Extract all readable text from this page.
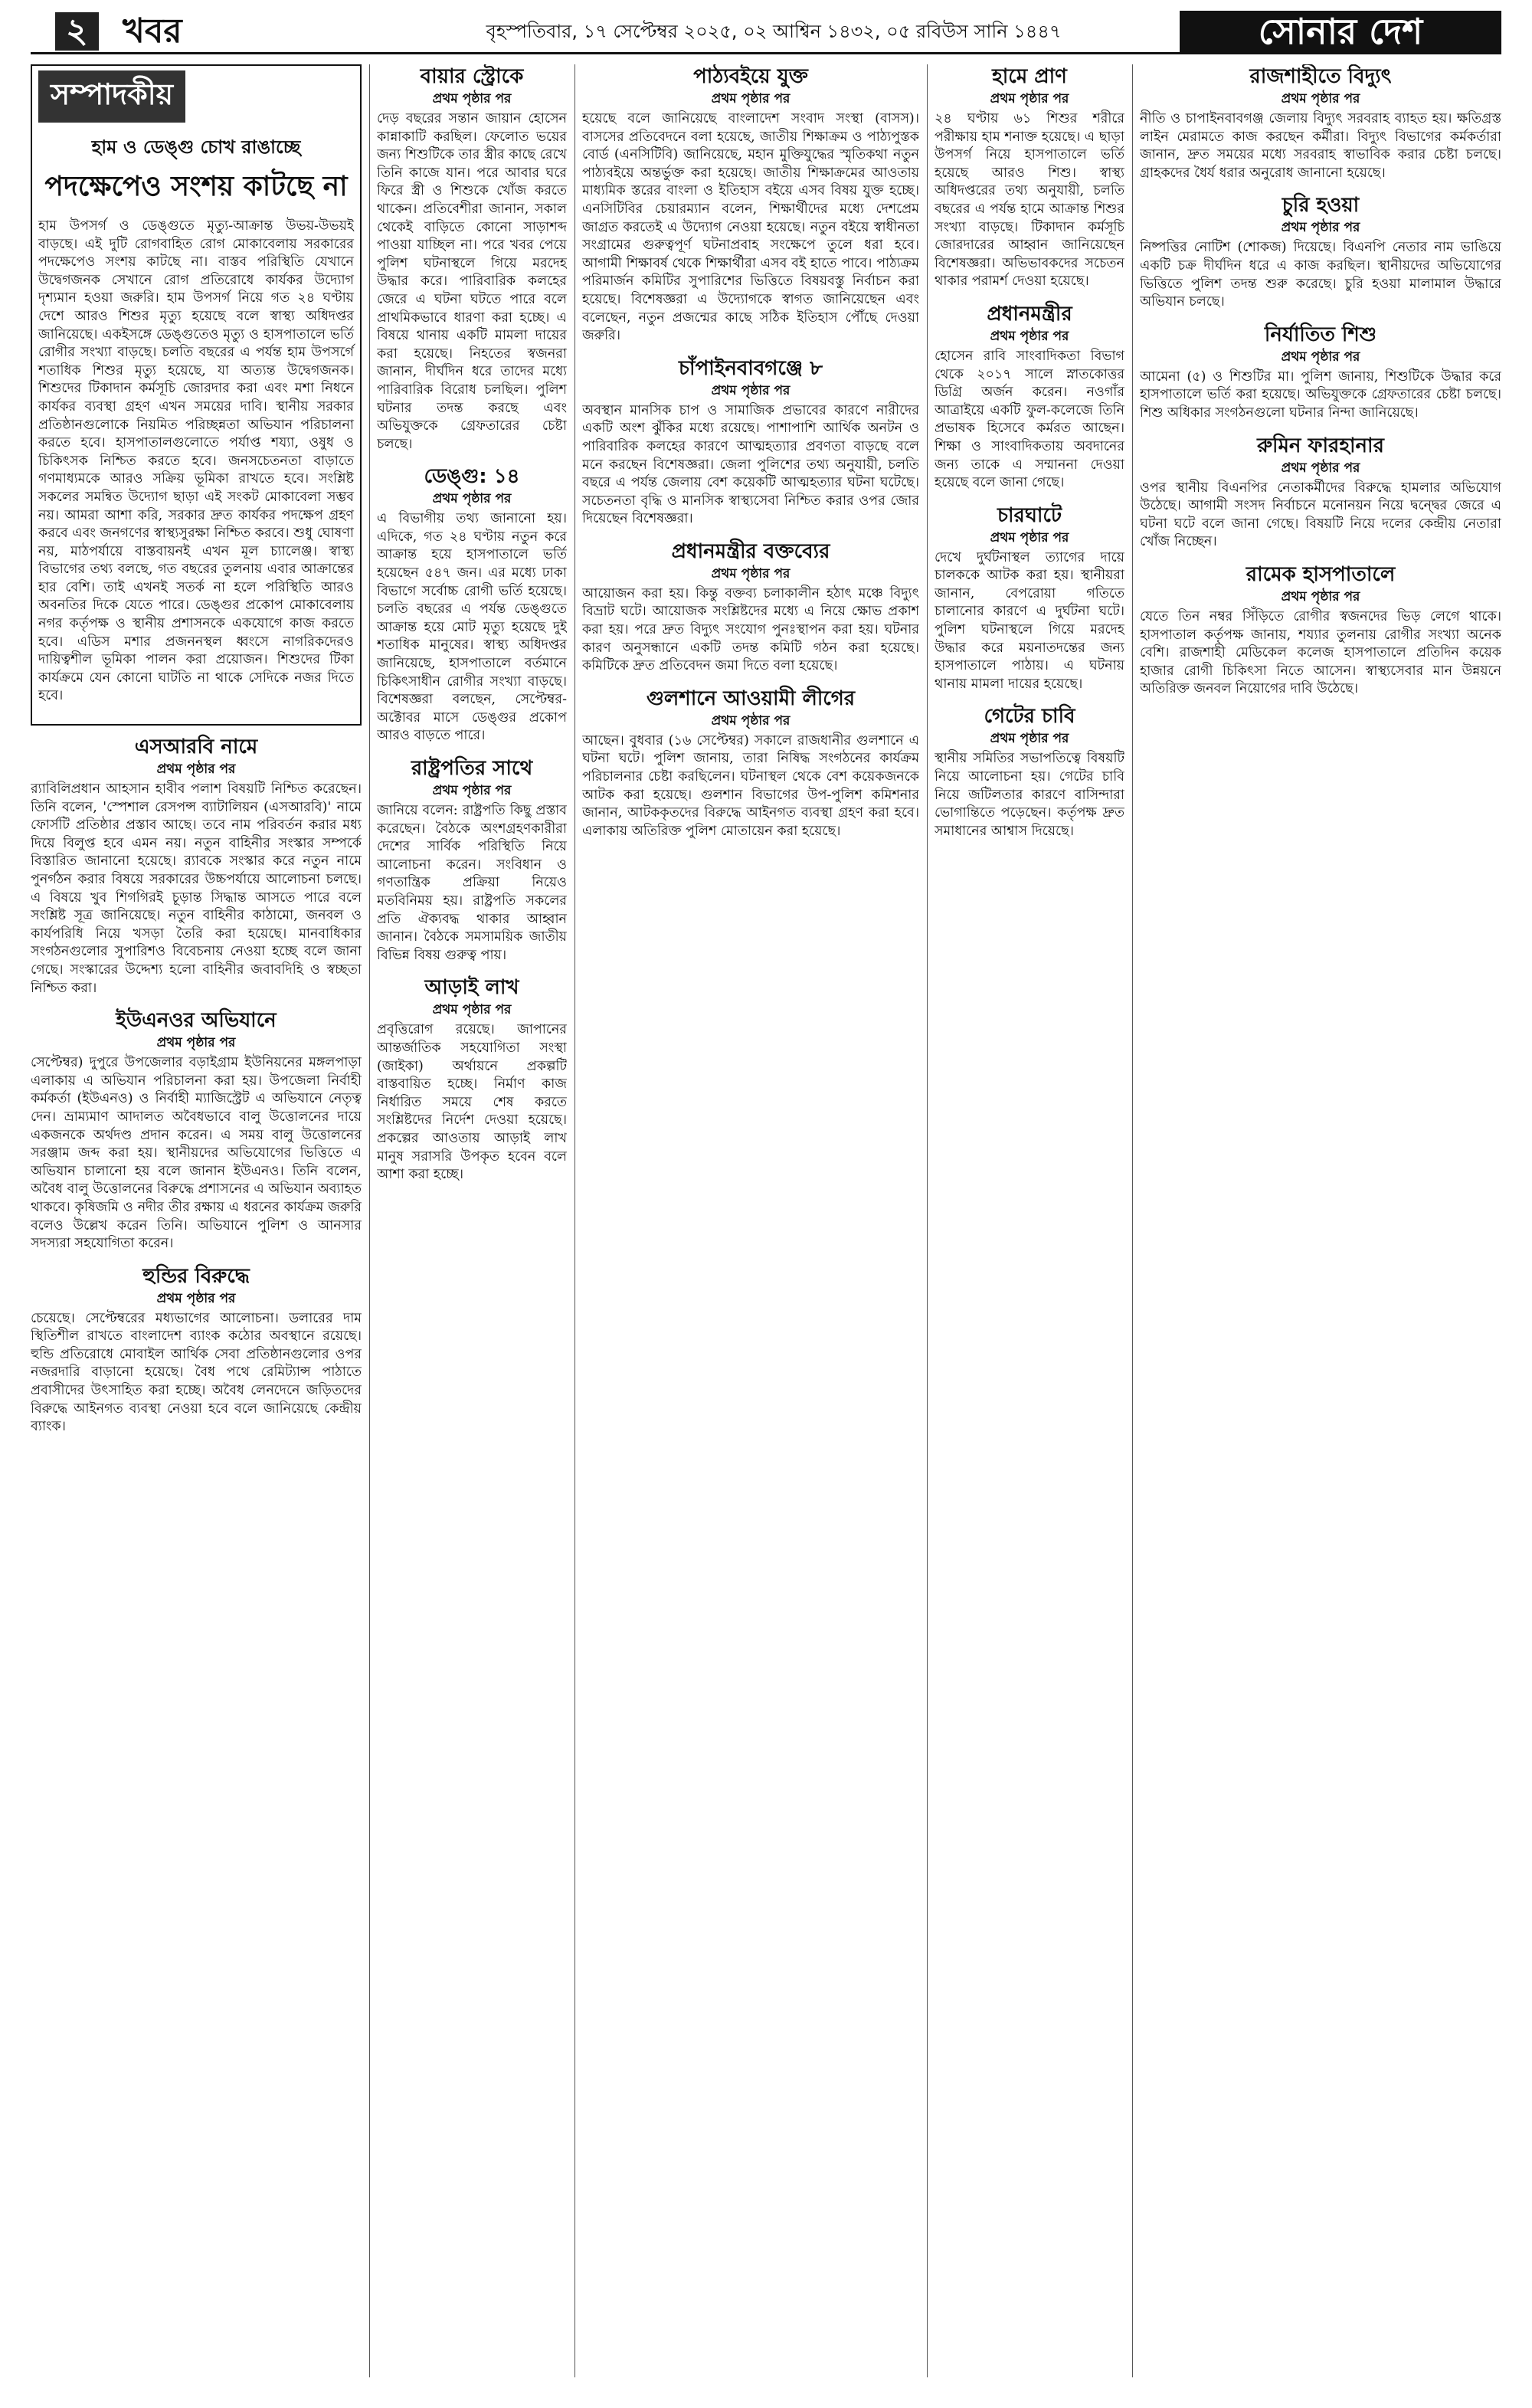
২	খবর	বৃহস্পতিবার, ১৭ সেপ্টেম্বর ২০২৫, ০২ আশ্বিন ১৪৩২, ০৫ রবিউস সানি ১৪৪৭	সোনার দেশ
সম্পাদকীয়
হাম ও ডেঙ্গু চোখ রাঙাচ্ছে
পদক্ষেপেও সংশয় কাটছে না

হাম উপসর্গ ও ডেঙ্গুতে মৃত্যু-আক্রান্ত উভয়-উভয়ই বাড়ছে। এই দুটি রোগবাহিত রোগ মোকাবেলায় সরকারের পদক্ষেপেও সংশয় কাটছে না। বাস্তব পরিস্থিতি যেখানে উদ্বেগজনক সেখানে রোগ প্রতিরোধে কার্যকর উদ্যোগ দৃশ্যমান হওয়া জরুরি। হাম উপসর্গ নিয়ে গত ২৪ ঘণ্টায় দেশে আরও শিশুর মৃত্যু হয়েছে বলে স্বাস্থ্য অধিদপ্তর জানিয়েছে। একইসঙ্গে ডেঙ্গুতেও মৃত্যু ও হাসপাতালে ভর্তি রোগীর সংখ্যা বাড়ছে। চলতি বছরের এ পর্যন্ত হাম উপসর্গে শতাধিক শিশুর মৃত্যু হয়েছে, যা অত্যন্ত উদ্বেগজনক। শিশুদের টিকাদান কর্মসূচি জোরদার করা এবং মশা নিধনে কার্যকর ব্যবস্থা গ্রহণ এখন সময়ের দাবি। স্থানীয় সরকার প্রতিষ্ঠানগুলোকে নিয়মিত পরিচ্ছন্নতা অভিযান পরিচালনা করতে হবে। হাসপাতালগুলোতে পর্যাপ্ত শয্যা, ওষুধ ও চিকিৎসক নিশ্চিত করতে হবে। জনসচেতনতা বাড়াতে গণমাধ্যমকে আরও সক্রিয় ভূমিকা রাখতে হবে। সংশ্লিষ্ট সকলের সমন্বিত উদ্যোগ ছাড়া এই সংকট মোকাবেলা সম্ভব নয়। আমরা আশা করি, সরকার দ্রুত কার্যকর পদক্ষেপ গ্রহণ করবে এবং জনগণের স্বাস্থ্যসুরক্ষা নিশ্চিত করবে। শুধু ঘোষণা নয়, মাঠপর্যায়ে বাস্তবায়নই এখন মূল চ্যালেঞ্জ। স্বাস্থ্য বিভাগের তথ্য বলছে, গত বছরের তুলনায় এবার আক্রান্তের হার বেশি। তাই এখনই সতর্ক না হলে পরিস্থিতি আরও অবনতির দিকে যেতে পারে। ডেঙ্গুর প্রকোপ মোকাবেলায় নগর কর্তৃপক্ষ ও স্থানীয় প্রশাসনকে একযোগে কাজ করতে হবে। এডিস মশার প্রজননস্থল ধ্বংসে নাগরিকদেরও দায়িত্বশীল ভূমিকা পালন করা প্রয়োজন। শিশুদের টিকা কার্যক্রমে যেন কোনো ঘাটতি না থাকে সেদিকে নজর দিতে হবে।

এসআরবি নামে
প্রথম পৃষ্ঠার পর

র‍্যাবিলিপ্রধান আহসান হাবীব পলাশ বিষয়টি নিশ্চিত করেছেন। তিনি বলেন, 'স্পেশাল রেসপন্স ব্যাটালিয়ন (এসআরবি)' নামে ফোর্সটি প্রতিষ্ঠার প্রস্তাব আছে। তবে নাম পরিবর্তন করার মধ্য দিয়ে বিলুপ্ত হবে এমন নয়। নতুন বাহিনীর সংস্কার সম্পর্কে বিস্তারিত জানানো হয়েছে। র‍্যাবকে সংস্কার করে নতুন নামে পুনর্গঠন করার বিষয়ে সরকারের উচ্চপর্যায়ে আলোচনা চলছে। এ বিষয়ে খুব শিগগিরই চূড়ান্ত সিদ্ধান্ত আসতে পারে বলে সংশ্লিষ্ট সূত্র জানিয়েছে। নতুন বাহিনীর কাঠামো, জনবল ও কার্যপরিধি নিয়ে খসড়া তৈরি করা হয়েছে। মানবাধিকার সংগঠনগুলোর সুপারিশও বিবেচনায় নেওয়া হচ্ছে বলে জানা গেছে। সংস্কারের উদ্দেশ্য হলো বাহিনীর জবাবদিহি ও স্বচ্ছতা নিশ্চিত করা।

ইউএনওর অভিযানে
প্রথম পৃষ্ঠার পর

সেপ্টেম্বর) দুপুরে উপজেলার বড়াইগ্রাম ইউনিয়নের মঙ্গলপাড়া এলাকায় এ অভিযান পরিচালনা করা হয়। উপজেলা নির্বাহী কর্মকর্তা (ইউএনও) ও নির্বাহী ম্যাজিস্ট্রেট এ অভিযানে নেতৃত্ব দেন। ভ্রাম্যমাণ আদালত অবৈধভাবে বালু উত্তোলনের দায়ে একজনকে অর্থদণ্ড প্রদান করেন। এ সময় বালু উত্তোলনের সরঞ্জাম জব্দ করা হয়। স্থানীয়দের অভিযোগের ভিত্তিতে এ অভিযান চালানো হয় বলে জানান ইউএনও। তিনি বলেন, অবৈধ বালু উত্তোলনের বিরুদ্ধে প্রশাসনের এ অভিযান অব্যাহত থাকবে। কৃষিজমি ও নদীর তীর রক্ষায় এ ধরনের কার্যক্রম জরুরি বলেও উল্লেখ করেন তিনি। অভিযানে পুলিশ ও আনসার সদস্যরা সহযোগিতা করেন।

হুন্ডির বিরুদ্ধে
প্রথম পৃষ্ঠার পর

চেয়েছে। সেপ্টেম্বরের মধ্যভাগের আলোচনা। ডলারের দাম স্থিতিশীল রাখতে বাংলাদেশ ব্যাংক কঠোর অবস্থানে রয়েছে। হুন্ডি প্রতিরোধে মোবাইল আর্থিক সেবা প্রতিষ্ঠানগুলোর ওপর নজরদারি বাড়ানো হয়েছে। বৈধ পথে রেমিট্যান্স পাঠাতে প্রবাসীদের উৎসাহিত করা হচ্ছে। অবৈধ লেনদেনে জড়িতদের বিরুদ্ধে আইনগত ব্যবস্থা নেওয়া হবে বলে জানিয়েছে কেন্দ্রীয় ব্যাংক।

বায়ার স্ট্রোকে
প্রথম পৃষ্ঠার পর

দেড় বছরের সন্তান জায়ান হোসেন কান্নাকাটি করছিল। ফেলোত ভয়ের জন্য শিশুটিকে তার স্ত্রীর কাছে রেখে তিনি কাজে যান। পরে আবার ঘরে ফিরে স্ত্রী ও শিশুকে খোঁজ করতে থাকেন। প্রতিবেশীরা জানান, সকাল থেকেই বাড়িতে কোনো সাড়াশব্দ পাওয়া যাচ্ছিল না। পরে খবর পেয়ে পুলিশ ঘটনাস্থলে গিয়ে মরদেহ উদ্ধার করে। পারিবারিক কলহের জেরে এ ঘটনা ঘটতে পারে বলে প্রাথমিকভাবে ধারণা করা হচ্ছে। এ বিষয়ে থানায় একটি মামলা দায়ের করা হয়েছে। নিহতের স্বজনরা জানান, দীর্ঘদিন ধরে তাদের মধ্যে পারিবারিক বিরোধ চলছিল। পুলিশ ঘটনার তদন্ত করছে এবং অভিযুক্তকে গ্রেফতারের চেষ্টা চলছে।

ডেঙ্গু: ১৪
প্রথম পৃষ্ঠার পর

এ বিভাগীয় তথ্য জানানো হয়। এদিকে, গত ২৪ ঘণ্টায় নতুন করে আক্রান্ত হয়ে হাসপাতালে ভর্তি হয়েছেন ৫৪৭ জন। এর মধ্যে ঢাকা বিভাগে সর্বোচ্চ রোগী ভর্তি হয়েছে। চলতি বছরের এ পর্যন্ত ডেঙ্গুতে আক্রান্ত হয়ে মোট মৃত্যু হয়েছে দুই শতাধিক মানুষের। স্বাস্থ্য অধিদপ্তর জানিয়েছে, হাসপাতালে বর্তমানে চিকিৎসাধীন রোগীর সংখ্যা বাড়ছে। বিশেষজ্ঞরা বলছেন, সেপ্টেম্বর-অক্টোবর মাসে ডেঙ্গুর প্রকোপ আরও বাড়তে পারে।

রাষ্ট্রপতির সাথে
প্রথম পৃষ্ঠার পর

জানিয়ে বলেন: রাষ্ট্রপতি কিছু প্রস্তাব করেছেন। বৈঠকে অংশগ্রহণকারীরা দেশের সার্বিক পরিস্থিতি নিয়ে আলোচনা করেন। সংবিধান ও গণতান্ত্রিক প্রক্রিয়া নিয়েও মতবিনিময় হয়। রাষ্ট্রপতি সকলের প্রতি ঐক্যবদ্ধ থাকার আহ্বান জানান। বৈঠকে সমসাময়িক জাতীয় বিভিন্ন বিষয় গুরুত্ব পায়।

আড়াই লাখ
প্রথম পৃষ্ঠার পর

প্রবৃত্তিরোগ রয়েছে। জাপানের আন্তর্জাতিক সহযোগিতা সংস্থা (জাইকা) অর্থায়নে প্রকল্পটি বাস্তবায়িত হচ্ছে। নির্মাণ কাজ নির্ধারিত সময়ে শেষ করতে সংশ্লিষ্টদের নির্দেশ দেওয়া হয়েছে। প্রকল্পের আওতায় আড়াই লাখ মানুষ সরাসরি উপকৃত হবেন বলে আশা করা হচ্ছে।

পাঠ্যবইয়ে যুক্ত
প্রথম পৃষ্ঠার পর

হয়েছে বলে জানিয়েছে বাংলাদেশ সংবাদ সংস্থা (বাসস)। বাসসের প্রতিবেদনে বলা হয়েছে, জাতীয় শিক্ষাক্রম ও পাঠ্যপুস্তক বোর্ড (এনসিটিবি) জানিয়েছে, মহান মুক্তিযুদ্ধের স্মৃতিকথা নতুন পাঠ্যবইয়ে অন্তর্ভুক্ত করা হয়েছে। জাতীয় শিক্ষাক্রমের আওতায় মাধ্যমিক স্তরের বাংলা ও ইতিহাস বইয়ে এসব বিষয় যুক্ত হচ্ছে। এনসিটিবির চেয়ারম্যান বলেন, শিক্ষার্থীদের মধ্যে দেশপ্রেম জাগ্রত করতেই এ উদ্যোগ নেওয়া হয়েছে। নতুন বইয়ে স্বাধীনতা সংগ্রামের গুরুত্বপূর্ণ ঘটনাপ্রবাহ সংক্ষেপে তুলে ধরা হবে। আগামী শিক্ষাবর্ষ থেকে শিক্ষার্থীরা এসব বই হাতে পাবে। পাঠ্যক্রম পরিমার্জন কমিটির সুপারিশের ভিত্তিতে বিষয়বস্তু নির্বাচন করা হয়েছে। বিশেষজ্ঞরা এ উদ্যোগকে স্বাগত জানিয়েছেন এবং বলেছেন, নতুন প্রজন্মের কাছে সঠিক ইতিহাস পৌঁছে দেওয়া জরুরি।

চাঁপাইনবাবগঞ্জে ৮
প্রথম পৃষ্ঠার পর

অবস্থান মানসিক চাপ ও সামাজিক প্রভাবের কারণে নারীদের একটি অংশ ঝুঁকির মধ্যে রয়েছে। পাশাপাশি আর্থিক অনটন ও পারিবারিক কলহের কারণে আত্মহত্যার প্রবণতা বাড়ছে বলে মনে করছেন বিশেষজ্ঞরা। জেলা পুলিশের তথ্য অনুযায়ী, চলতি বছরে এ পর্যন্ত জেলায় বেশ কয়েকটি আত্মহত্যার ঘটনা ঘটেছে। সচেতনতা বৃদ্ধি ও মানসিক স্বাস্থ্যসেবা নিশ্চিত করার ওপর জোর দিয়েছেন বিশেষজ্ঞরা।

প্রধানমন্ত্রীর বক্তব্যের
প্রথম পৃষ্ঠার পর

আয়োজন করা হয়। কিন্তু বক্তব্য চলাকালীন হঠাৎ মঞ্চে বিদ্যুৎ বিভ্রাট ঘটে। আয়োজক সংশ্লিষ্টদের মধ্যে এ নিয়ে ক্ষোভ প্রকাশ করা হয়। পরে দ্রুত বিদ্যুৎ সংযোগ পুনঃস্থাপন করা হয়। ঘটনার কারণ অনুসন্ধানে একটি তদন্ত কমিটি গঠন করা হয়েছে। কমিটিকে দ্রুত প্রতিবেদন জমা দিতে বলা হয়েছে।

গুলশানে আওয়ামী লীগের
প্রথম পৃষ্ঠার পর

আছেন। বুধবার (১৬ সেপ্টেম্বর) সকালে রাজধানীর গুলশানে এ ঘটনা ঘটে। পুলিশ জানায়, তারা নিষিদ্ধ সংগঠনের কার্যক্রম পরিচালনার চেষ্টা করছিলেন। ঘটনাস্থল থেকে বেশ কয়েকজনকে আটক করা হয়েছে। গুলশান বিভাগের উপ-পুলিশ কমিশনার জানান, আটককৃতদের বিরুদ্ধে আইনগত ব্যবস্থা গ্রহণ করা হবে। এলাকায় অতিরিক্ত পুলিশ মোতায়েন করা হয়েছে।

হামে প্রাণ
প্রথম পৃষ্ঠার পর

২৪ ঘণ্টায় ৬১ শিশুর শরীরে পরীক্ষায় হাম শনাক্ত হয়েছে। এ ছাড়া উপসর্গ নিয়ে হাসপাতালে ভর্তি হয়েছে আরও শিশু। স্বাস্থ্য অধিদপ্তরের তথ্য অনুযায়ী, চলতি বছরের এ পর্যন্ত হামে আক্রান্ত শিশুর সংখ্যা বাড়ছে। টিকাদান কর্মসূচি জোরদারের আহ্বান জানিয়েছেন বিশেষজ্ঞরা। অভিভাবকদের সচেতন থাকার পরামর্শ দেওয়া হয়েছে।

প্রধানমন্ত্রীর
প্রথম পৃষ্ঠার পর

হোসেন রাবি সাংবাদিকতা বিভাগ থেকে ২০১৭ সালে স্নাতকোত্তর ডিগ্রি অর্জন করেন। নওগাঁর আত্রাইয়ে একটি ফুল-কলেজে তিনি প্রভাষক হিসেবে কর্মরত আছেন। শিক্ষা ও সাংবাদিকতায় অবদানের জন্য তাকে এ সম্মাননা দেওয়া হয়েছে বলে জানা গেছে।

চারঘাটে
প্রথম পৃষ্ঠার পর

দেখে দুর্ঘটনাস্থল ত্যাগের দায়ে চালককে আটক করা হয়। স্থানীয়রা জানান, বেপরোয়া গতিতে চালানোর কারণে এ দুর্ঘটনা ঘটে। পুলিশ ঘটনাস্থলে গিয়ে মরদেহ উদ্ধার করে ময়নাতদন্তের জন্য হাসপাতালে পাঠায়। এ ঘটনায় থানায় মামলা দায়ের হয়েছে।

গেটের চাবি
প্রথম পৃষ্ঠার পর

স্থানীয় সমিতির সভাপতিত্বে বিষয়টি নিয়ে আলোচনা হয়। গেটের চাবি নিয়ে জটিলতার কারণে বাসিন্দারা ভোগান্তিতে পড়েছেন। কর্তৃপক্ষ দ্রুত সমাধানের আশ্বাস দিয়েছে।

রাজশাহীতে বিদ্যুৎ
প্রথম পৃষ্ঠার পর

নীতি ও চাপাইনবাবগঞ্জ জেলায় বিদ্যুৎ সরবরাহ ব্যাহত হয়। ক্ষতিগ্রস্ত লাইন মেরামতে কাজ করছেন কর্মীরা। বিদ্যুৎ বিভাগের কর্মকর্তারা জানান, দ্রুত সময়ের মধ্যে সরবরাহ স্বাভাবিক করার চেষ্টা চলছে। গ্রাহকদের ধৈর্য ধরার অনুরোধ জানানো হয়েছে।

চুরি হওয়া
প্রথম পৃষ্ঠার পর

নিষ্পত্তির নোটিশ (শোকজ) দিয়েছে। বিএনপি নেতার নাম ভাঙিয়ে একটি চক্র দীর্ঘদিন ধরে এ কাজ করছিল। স্থানীয়দের অভিযোগের ভিত্তিতে পুলিশ তদন্ত শুরু করেছে। চুরি হওয়া মালামাল উদ্ধারে অভিযান চলছে।

নির্যাতিত শিশু
প্রথম পৃষ্ঠার পর

আমেনা (৫) ও শিশুটির মা। পুলিশ জানায়, শিশুটিকে উদ্ধার করে হাসপাতালে ভর্তি করা হয়েছে। অভিযুক্তকে গ্রেফতারের চেষ্টা চলছে। শিশু অধিকার সংগঠনগুলো ঘটনার নিন্দা জানিয়েছে।

রুমিন ফারহানার
প্রথম পৃষ্ঠার পর

ওপর স্থানীয় বিএনপির নেতাকর্মীদের বিরুদ্ধে হামলার অভিযোগ উঠেছে। আগামী সংসদ নির্বাচনে মনোনয়ন নিয়ে দ্বন্দ্বের জেরে এ ঘটনা ঘটে বলে জানা গেছে। বিষয়টি নিয়ে দলের কেন্দ্রীয় নেতারা খোঁজ নিচ্ছেন।

রামেক হাসপাতালে
প্রথম পৃষ্ঠার পর

যেতে তিন নম্বর সিঁড়িতে রোগীর স্বজনদের ভিড় লেগে থাকে। হাসপাতাল কর্তৃপক্ষ জানায়, শয্যার তুলনায় রোগীর সংখ্যা অনেক বেশি। রাজশাহী মেডিকেল কলেজ হাসপাতালে প্রতিদিন কয়েক হাজার রোগী চিকিৎসা নিতে আসেন। স্বাস্থ্যসেবার মান উন্নয়নে অতিরিক্ত জনবল নিয়োগের দাবি উঠেছে।
